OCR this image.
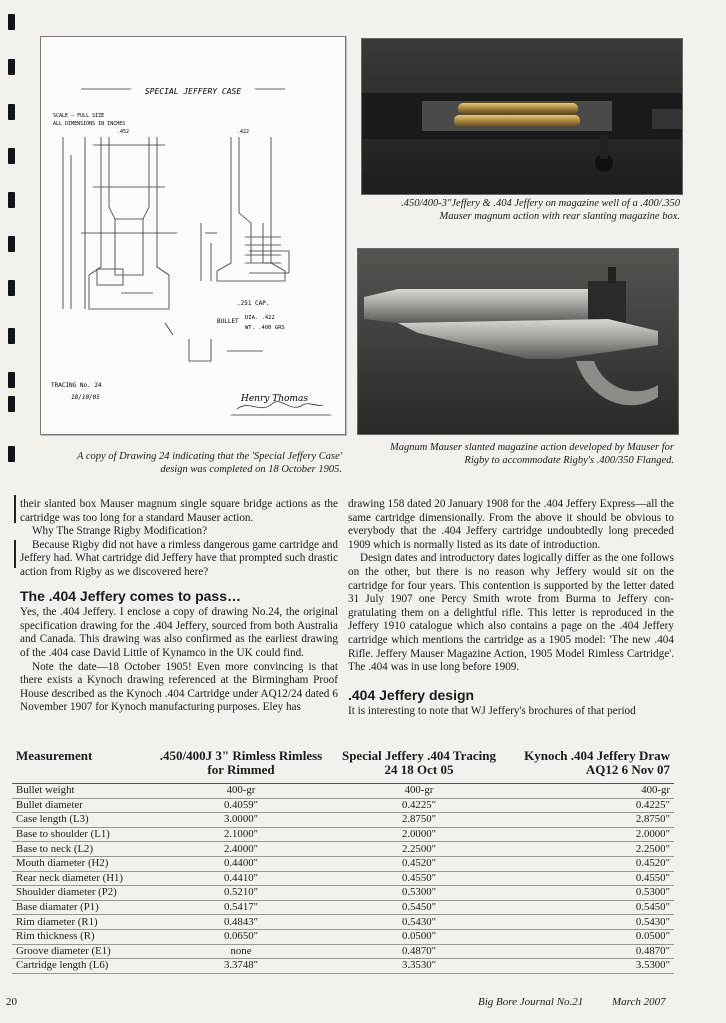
SPECIAL JEFFERY CASE
SCALE — FULL SIZE
ALL DIMENSIONS IN INCHES
.452	.422
.251 CAP.
BULLET DIA. .422
WT. .400 GRS
TRACING No. 24
18/10/05	Henry Thomas

.450/400-3"Jeffery & .404 Jeffery on magazine well of a .400/.350
Mauser magnum action with rear slanting magazine box.

Magnum Mauser slanted magazine action developed by Mauser for
Rigby to accommodate Rigby's .400/350 Flanged.

A copy of Drawing 24 indicating that the 'Special Jeffery Case'
design was completed on 18 October 1905.

their slanted box Mauser magnum single square bridge actions as the cartridge was too long for a standard Mauser action.

Why The Strange Rigby Modification?

Because Rigby did not have a rimless dangerous game cartridge and Jeffery had. What cartridge did Jeffery have that prompted such drastic action from Rigby as we discovered here?

The .404 Jeffery comes to pass…

Yes, the .404 Jeffery. I enclose a copy of drawing No.24, the original specification drawing for the .404 Jeffery, sourced from both Australia and Canada. This drawing was also confirmed as the earliest drawing of the .404 case David Little of Kynamco in the UK could find.

Note the date—18 October 1905! Even more convincing is that there exists a Kynoch drawing referenced at the Birmingham Proof House described as the Kynoch .404 Cartridge under AQ12/24 dated 6 November 1907 for Kynoch manufacturing purposes. Eley has

drawing 158 dated 20 January 1908 for the .404 Jeffery Express—all the same cartridge dimensionally. From the above it should be obvious to everybody that the .404 Jeffery cartridge undoubtedly long preceded 1909 which is normally listed as its date of introduction.

Design dates and introductory dates logically differ as the one follows on the other, but there is no reason why Jeffery would sit on the cartridge for four years. This contention is supported by the letter dated 31 July 1907 one Percy Smith wrote from Burma to Jeffery con-gratulating them on a delightful rifle. This letter is reproduced in the Jeffery 1910 catalogue which also contains a page on the .404 Jeffery cartridge which mentions the cartridge as a 1905 model: 'The new .404 Rifle. Jeffery Mauser Magazine Action, 1905 Model Rimless Cartridge'. The .404 was in use long before 1909.

.404 Jeffery design

It is interesting to note that WJ Jeffery's brochures of that period

Measurement	.450/400J 3" Rimless Rimless for Rimmed	Special Jeffery .404 Tracing 24 18 Oct 05	Kynoch .404 Jeffery Draw AQ12 6 Nov 07
Bullet weight	400-gr	400-gr	400-gr
Bullet diameter	0.4059"	0.4225"	0.4225"
Case length (L3)	3.0000"	2.8750"	2.8750"
Base to shoulder (L1)	2.1000"	2.0000"	2.0000"
Base to neck (L2)	2.4000"	2.2500"	2.2500"
Mouth diameter (H2)	0.4400"	0.4520"	0.4520"
Rear neck diameter (H1)	0.4410"	0.4550"	0.4550"
Shoulder diameter (P2)	0.5210"	0.5300"	0.5300"
Base diamater (P1)	0.5417"	0.5450"	0.5450"
Rim diameter (R1)	0.4843"	0.5430"	0.5430"
Rim thickness (R)	0.0650"	0.0500"	0.0500"
Groove diameter (E1)	none	0.4870"	0.4870"
Cartridge length (L6)	3.3748"	3.3530"	3.5300"
20	Big Bore Journal No.21	March 2007
